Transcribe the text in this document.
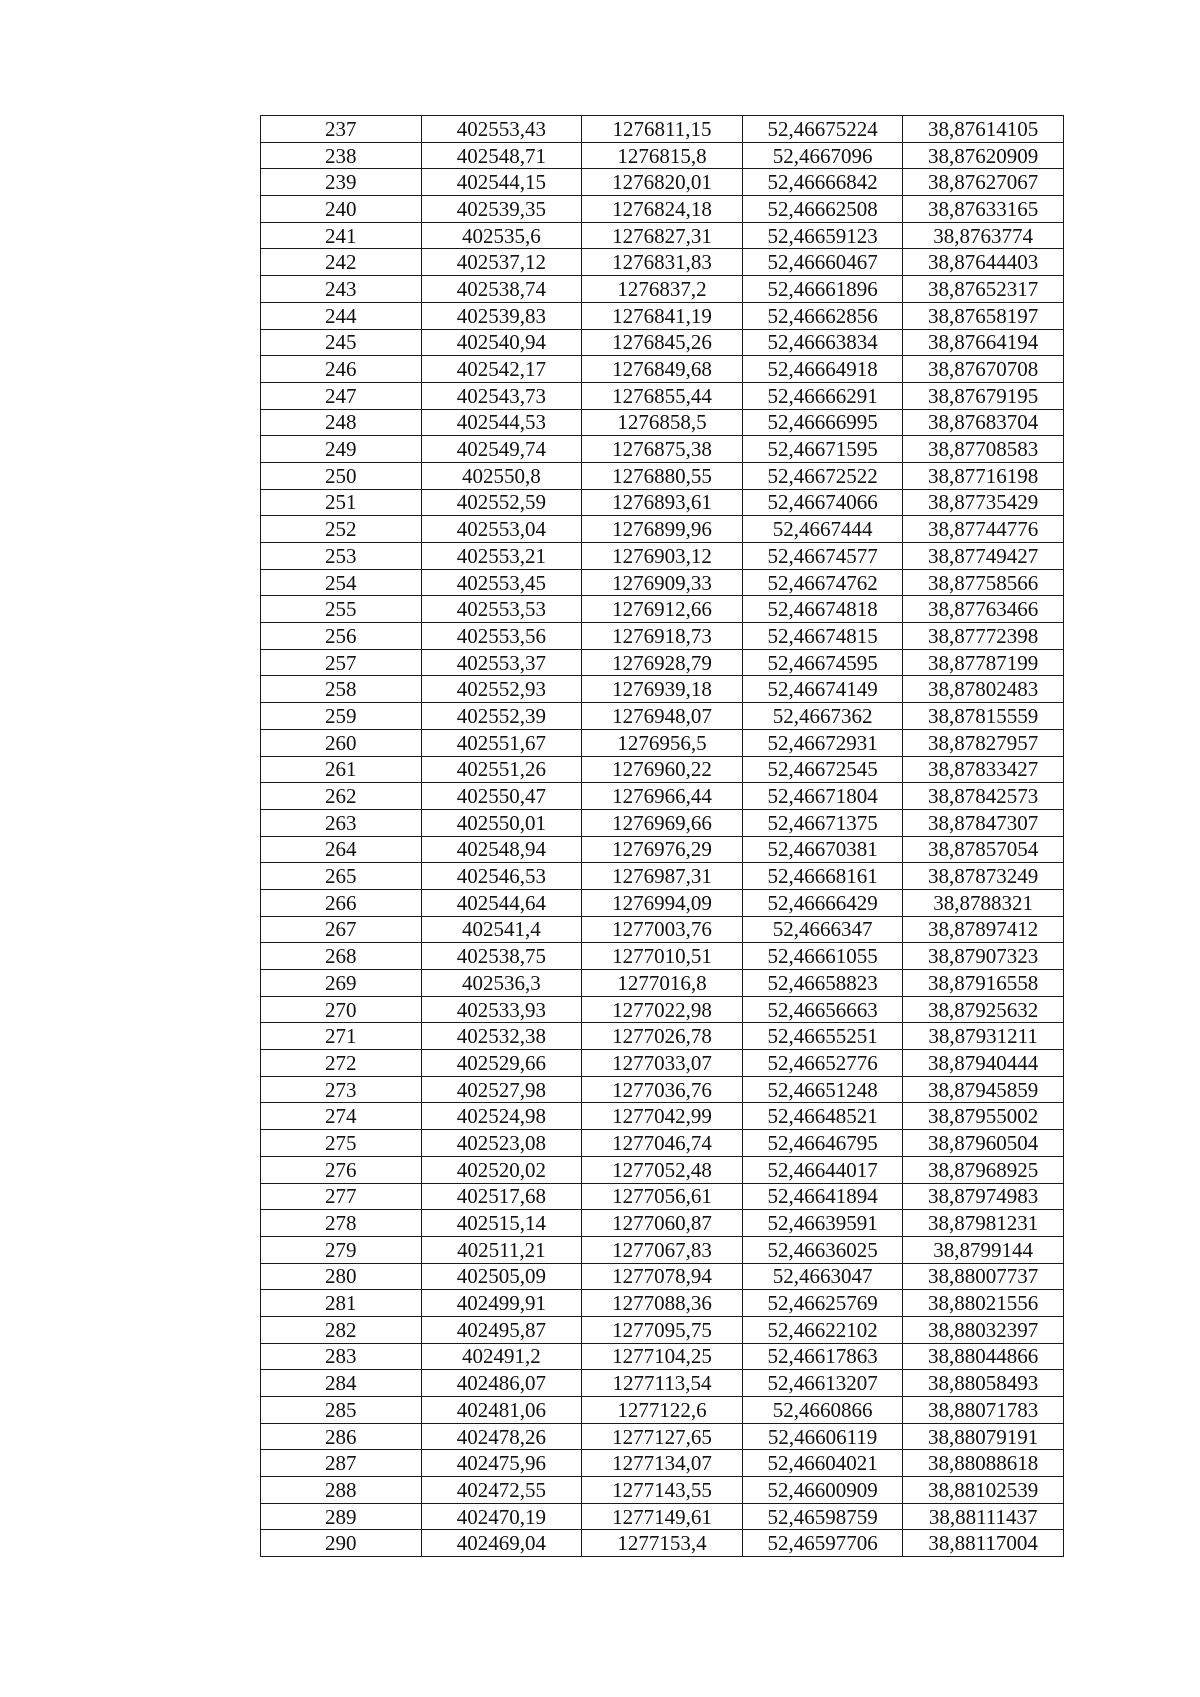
237	402553,43	1276811,15	52,46675224	38,87614105
238	402548,71	1276815,8	52,4667096	38,87620909
239	402544,15	1276820,01	52,46666842	38,87627067
240	402539,35	1276824,18	52,46662508	38,87633165
241	402535,6	1276827,31	52,46659123	38,8763774
242	402537,12	1276831,83	52,46660467	38,87644403
243	402538,74	1276837,2	52,46661896	38,87652317
244	402539,83	1276841,19	52,46662856	38,87658197
245	402540,94	1276845,26	52,46663834	38,87664194
246	402542,17	1276849,68	52,46664918	38,87670708
247	402543,73	1276855,44	52,46666291	38,87679195
248	402544,53	1276858,5	52,46666995	38,87683704
249	402549,74	1276875,38	52,46671595	38,87708583
250	402550,8	1276880,55	52,46672522	38,87716198
251	402552,59	1276893,61	52,46674066	38,87735429
252	402553,04	1276899,96	52,4667444	38,87744776
253	402553,21	1276903,12	52,46674577	38,87749427
254	402553,45	1276909,33	52,46674762	38,87758566
255	402553,53	1276912,66	52,46674818	38,87763466
256	402553,56	1276918,73	52,46674815	38,87772398
257	402553,37	1276928,79	52,46674595	38,87787199
258	402552,93	1276939,18	52,46674149	38,87802483
259	402552,39	1276948,07	52,4667362	38,87815559
260	402551,67	1276956,5	52,46672931	38,87827957
261	402551,26	1276960,22	52,46672545	38,87833427
262	402550,47	1276966,44	52,46671804	38,87842573
263	402550,01	1276969,66	52,46671375	38,87847307
264	402548,94	1276976,29	52,46670381	38,87857054
265	402546,53	1276987,31	52,46668161	38,87873249
266	402544,64	1276994,09	52,46666429	38,8788321
267	402541,4	1277003,76	52,4666347	38,87897412
268	402538,75	1277010,51	52,46661055	38,87907323
269	402536,3	1277016,8	52,46658823	38,87916558
270	402533,93	1277022,98	52,46656663	38,87925632
271	402532,38	1277026,78	52,46655251	38,87931211
272	402529,66	1277033,07	52,46652776	38,87940444
273	402527,98	1277036,76	52,46651248	38,87945859
274	402524,98	1277042,99	52,46648521	38,87955002
275	402523,08	1277046,74	52,46646795	38,87960504
276	402520,02	1277052,48	52,46644017	38,87968925
277	402517,68	1277056,61	52,46641894	38,87974983
278	402515,14	1277060,87	52,46639591	38,87981231
279	402511,21	1277067,83	52,46636025	38,8799144
280	402505,09	1277078,94	52,4663047	38,88007737
281	402499,91	1277088,36	52,46625769	38,88021556
282	402495,87	1277095,75	52,46622102	38,88032397
283	402491,2	1277104,25	52,46617863	38,88044866
284	402486,07	1277113,54	52,46613207	38,88058493
285	402481,06	1277122,6	52,4660866	38,88071783
286	402478,26	1277127,65	52,46606119	38,88079191
287	402475,96	1277134,07	52,46604021	38,88088618
288	402472,55	1277143,55	52,46600909	38,88102539
289	402470,19	1277149,61	52,46598759	38,88111437
290	402469,04	1277153,4	52,46597706	38,88117004
